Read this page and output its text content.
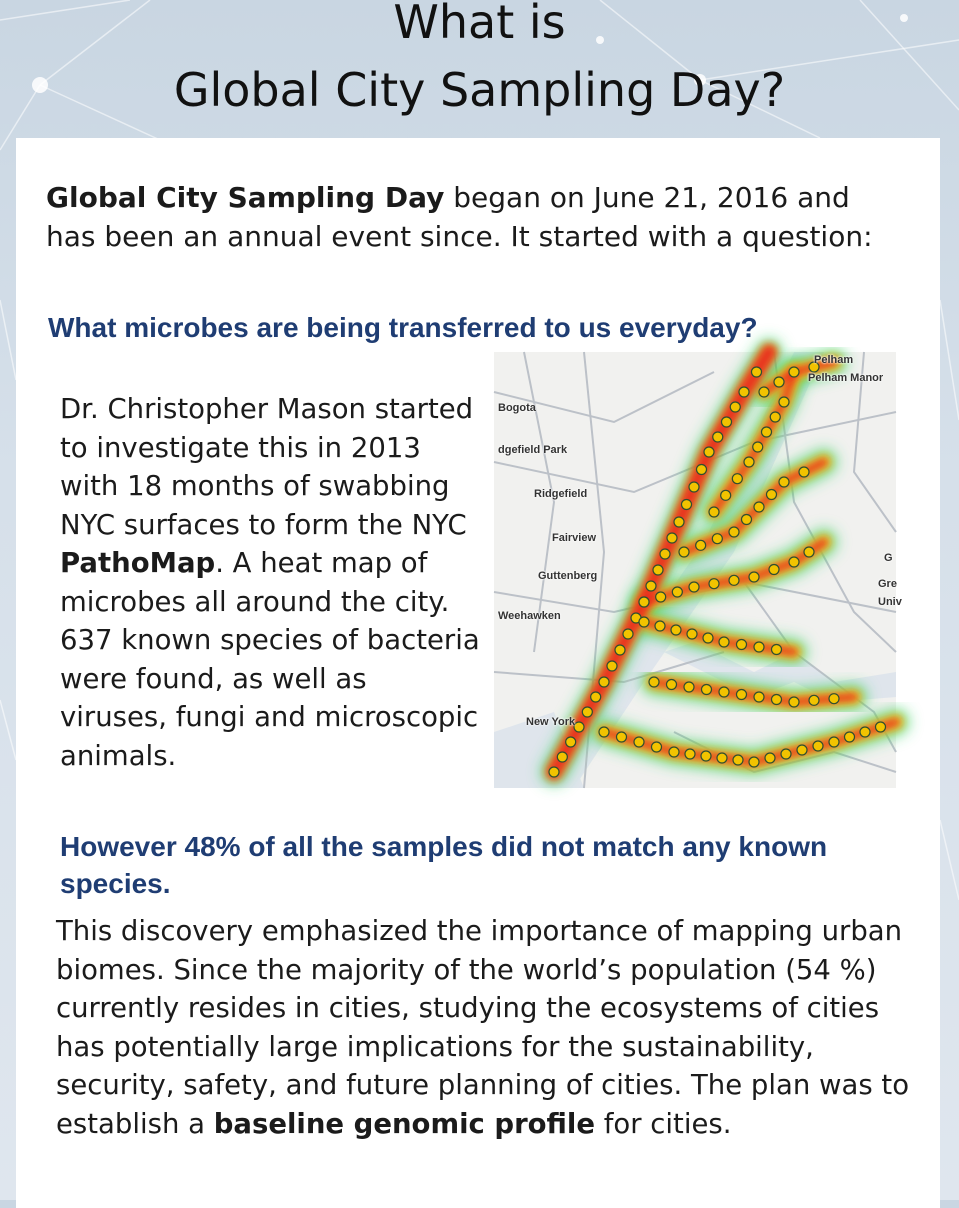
What is
Global City Sampling Day?
Global City Sampling Day began on June 21, 2016 and has been an annual event since. It started with a question:
What microbes are being transferred to us everyday?
Dr. Christopher Mason started to investigate this in 2013 with 18 months of swabbing NYC surfaces to form the NYC PathoMap. A heat map of microbes all around the city. 637 known species of bacteria were found, as well as viruses, fungi and microscopic animals.
Pelham
Pelham Manor
Bogota
dgefield Park
Ridgefield
Fairview
Guttenberg
Weehawken
New York
G
Gre
Univ
However 48% of all the samples did not match any known species.
This discovery emphasized the importance of mapping urban biomes. Since the majority of the world’s population (54 %) currently resides in cities, studying the ecosystems of cities has potentially large implications for the sustainability, security, safety, and future planning of cities. The plan was to establish a baseline genomic profile for cities.
